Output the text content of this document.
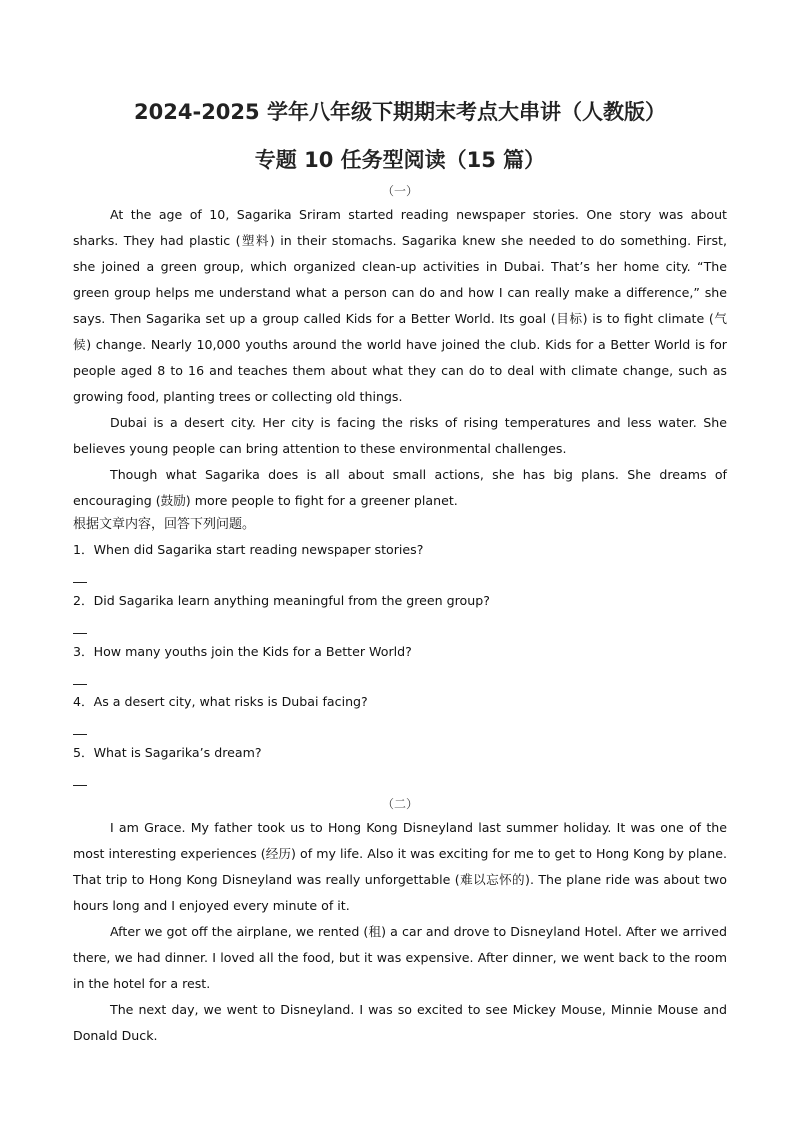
2024-2025 学年八年级下期期末考点大串讲（人教版）
专题 10 任务型阅读（15 篇）
（一）

At the age of 10, Sagarika Sriram started reading newspaper stories. One story was about sharks. They had plastic (塑料) in their stomachs. Sagarika knew she needed to do something. First, she joined a green group, which organized clean-up activities in Dubai. That’s her home city. “The green group helps me understand what a person can do and how I can really make a difference,” she says. Then Sagarika set up a group called Kids for a Better World. Its goal (目标) is to fight climate (气候) change. Nearly 10,000 youths around the world have joined the club. Kids for a Better World is for people aged 8 to 16 and teaches them about what they can do to deal with climate change, such as growing food, planting trees or collecting old things.

Dubai is a desert city. Her city is facing the risks of rising temperatures and less water. She believes young people can bring attention to these environmental challenges.

Though what Sagarika does is all about small actions, she has big plans. She dreams of encouraging (鼓励) more people to fight for a greener planet.

根据文章内容，回答下列问题。
1．When did Sagarika start reading newspaper stories?
2．Did Sagarika learn anything meaningful from the green group?
3．How many youths join the Kids for a Better World?
4．As a desert city, what risks is Dubai facing?
5．What is Sagarika’s dream?
（二）

I am Grace. My father took us to Hong Kong Disneyland last summer holiday. It was one of the most interesting experiences (经历) of my life. Also it was exciting for me to get to Hong Kong by plane. That trip to Hong Kong Disneyland was really unforgettable (难以忘怀的). The plane ride was about two hours long and I enjoyed every minute of it.

After we got off the airplane, we rented (租) a car and drove to Disneyland Hotel. After we arrived there, we had dinner. I loved all the food, but it was expensive. After dinner, we went back to the room in the hotel for a rest.

The next day, we went to Disneyland. I was so excited to see Mickey Mouse, Minnie Mouse and Donald Duck.
